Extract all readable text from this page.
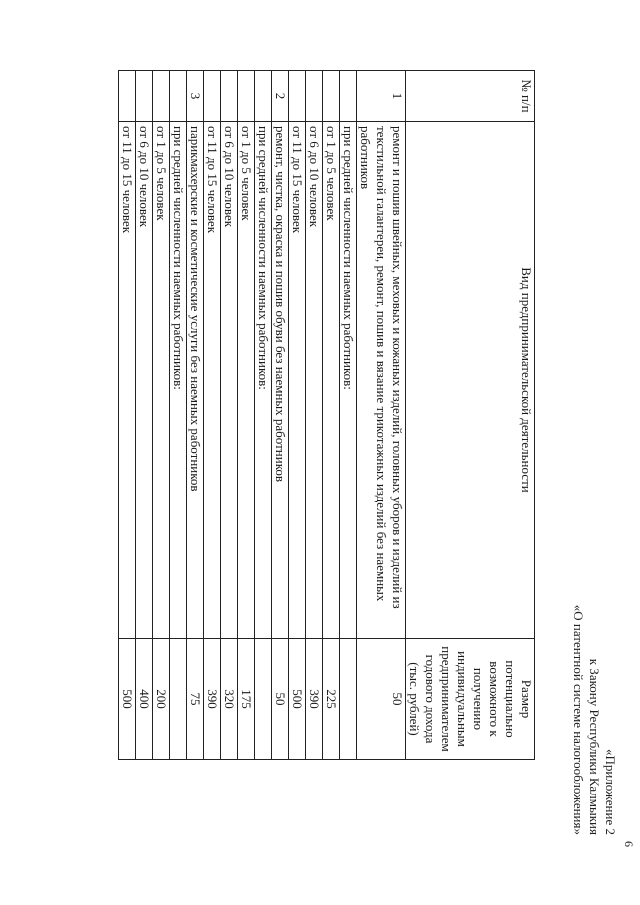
6
«Приложение 2
к Закону Республики Калмыкия
«О патентной системе налогообложения»
№ п/п	Вид предпринимательской деятельности	Размер потенциально возможного к получению индивидуальным предпринимателем годового дохода (тыс. рублей)
1	ремонт и пошив швейных, меховых и кожаных изделий, головных уборов и изделий из текстильной галантереи, ремонт, пошив и вязание трикотажных изделий без наемных работников	50
	при средней численности наемных работников:	
	от 1 до 5 человек	225
	от 6 до 10 человек	390
	от 11 до 15 человек	500
2	ремонт, чистка, окраска и пошив обуви без наемных работников	50
	при средней численности наемных работников:	
	от 1 до 5 человек	175
	от 6 до 10 человек	320
	от 11 до 15 человек	390
3	парикмахерские и косметические услуги без наемных работников	75
	при средней численности наемных работников:	
	от 1 до 5 человек	200
	от 6 до 10 человек	400
	от 11 до 15 человек	500
